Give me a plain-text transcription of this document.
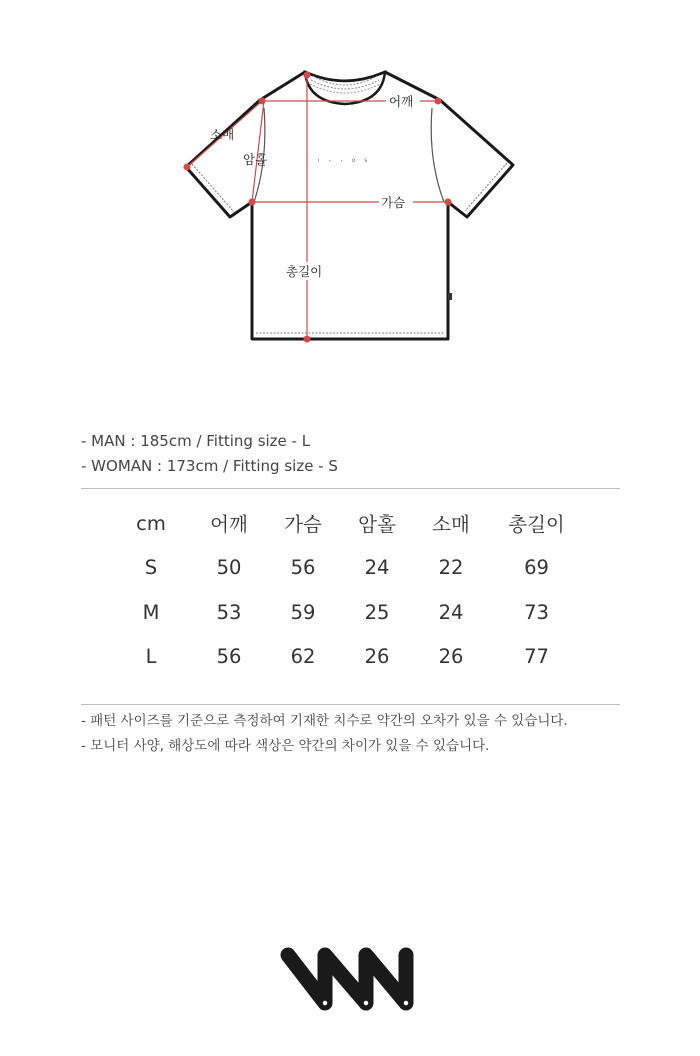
I ∘ ∘ O S
어깨
소매
암홀
가슴
총길이
- MAN : 185cm / Fitting size - L
- WOMAN : 173cm / Fitting size - S
cm	어깨	가슴	암홀	소매	총길이
S	50	56	24	22	69
M	53	59	25	24	73
L	56	62	26	26	77
- 패턴 사이즈를 기준으로 측정하여 기재한 치수로 약간의 오차가 있을 수 있습니다.
- 모니터 사양, 해상도에 따라 색상은 약간의 차이가 있을 수 있습니다.
